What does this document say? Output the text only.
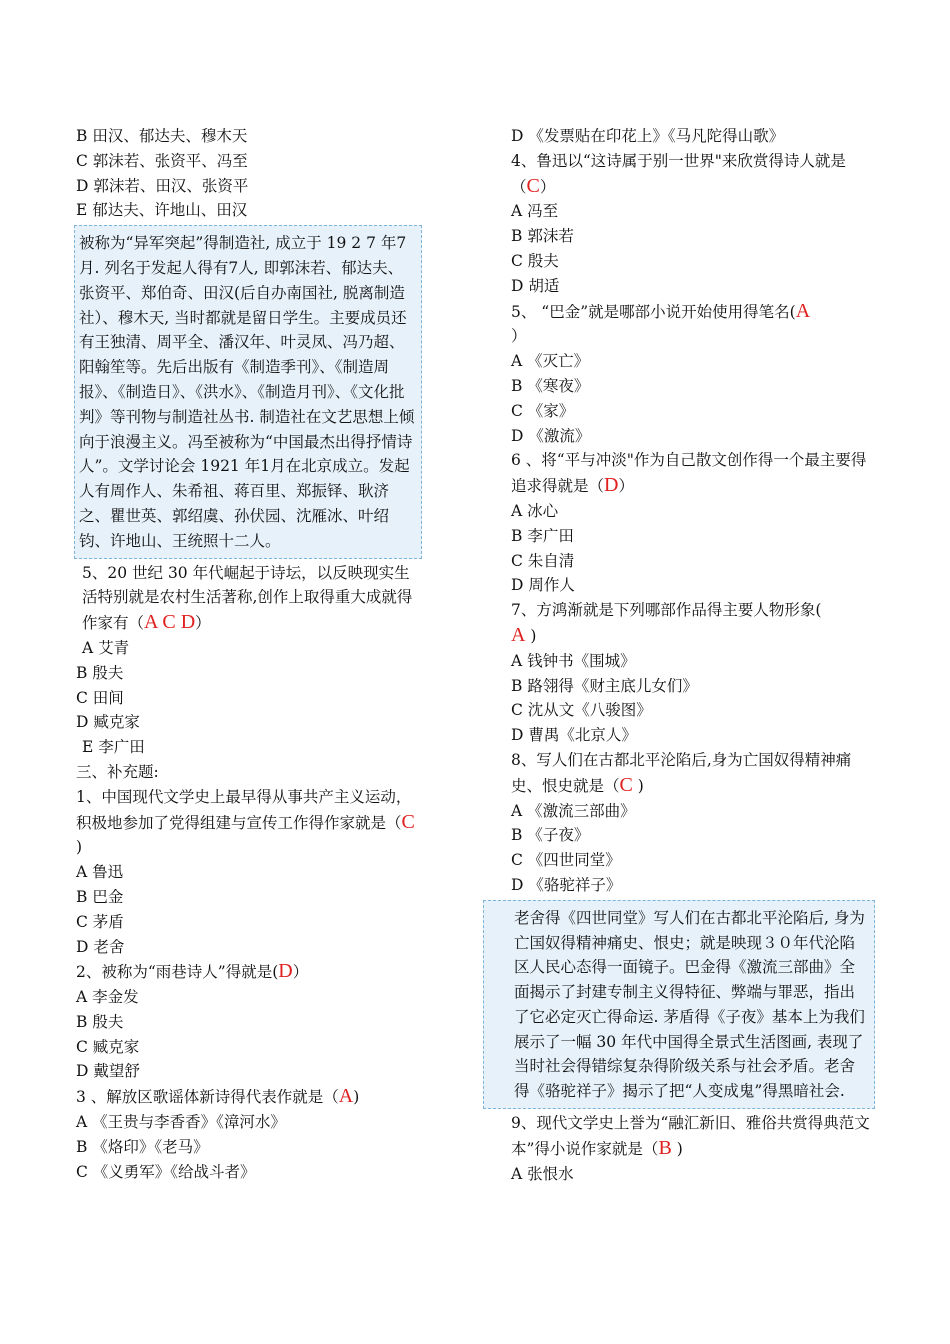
B 田汉、郁达夫、穆木天
C 郭沫若、张资平、冯至
D 郭沫若、田汉、张资平
E 郁达夫、许地山、田汉
被称为“异军突起”得制造社, 成立于 19 2 7 年7月. 列名于发起人得有7人, 即郭沫若、郁达夫、张资平、郑伯奇、田汉(后自办南国社, 脱离制造社）、穆木天, 当时都就是留日学生。主要成员还有王独清、周平全、潘汉年、叶灵凤、冯乃超、阳翰笙等。先后出版有《制造季刊》、《制造周报》、《制造日》、《洪水》、《制造月刊》、《文化批判》等刊物与制造社丛书. 制造社在文艺思想上倾向于浪漫主义。冯至被称为“中国最杰出得抒情诗人”。文学讨论会 1921 年1月在北京成立。发起人有周作人、朱希祖、蒋百里、郑振铎、耿济之、瞿世英、郭绍虞、孙伏园、沈雁冰、叶绍钧、许地山、王统照十二人。
5、20 世纪 30 年代崛起于诗坛，以反映现实生活特别就是农村生活著称,创作上取得重大成就得作家有（A C D）
A 艾青
B 殷夫
C 田间
D 臧克家
E 李广田
三、补充题:
1、中国现代文学史上最早得从事共产主义运动，积极地参加了党得组建与宣传工作得作家就是（C )
A 鲁迅
B 巴金
C 茅盾
D 老舍
2、被称为“雨巷诗人”得就是(D）
A 李金发
B 殷夫
C 臧克家
D 戴望舒
3 、解放区歌谣体新诗得代表作就是（A)
A 《王贵与李香香》《漳河水》
B 《烙印》《老马》
C 《义勇军》《给战斗者》
D 《发票贴在印花上》《马凡陀得山歌》
4、鲁迅以“这诗属于别一世界"来欣赏得诗人就是（C）
A 冯至
B 郭沫若
C 殷夫
D 胡适
5、 “巴金”就是哪部小说开始使用得笔名(A
）
A 《灭亡》
B 《寒夜》
C 《家》
D 《激流》
6 、将“平与冲淡"作为自己散文创作得一个最主要得追求得就是（D）
A 冰心
B 李广田
C 朱自清
D 周作人
7、方鸿渐就是下列哪部作品得主要人物形象(
A )
A 钱钟书《围城》
B 路翎得《财主底儿女们》
C 沈从文《八骏图》
D 曹禺《北京人》
8、写人们在古都北平沦陷后,身为亡国奴得精神痛史、恨史就是（C )
A 《激流三部曲》
B 《子夜》
C 《四世同堂》
D 《骆驼祥子》
老舍得《四世同堂》写人们在古都北平沦陷后, 身为亡国奴得精神痛史、恨史；就是映现３０年代沦陷区人民心态得一面镜子。巴金得《激流三部曲》全面揭示了封建专制主义得特征、弊端与罪恶，指出了它必定灭亡得命运. 茅盾得《子夜》基本上为我们展示了一幅 30 年代中国得全景式生活图画, 表现了当时社会得错综复杂得阶级关系与社会矛盾。老舍得《骆驼祥子》揭示了把“人变成鬼”得黑暗社会.
9、现代文学史上誉为“融汇新旧、雅俗共赏得典范文本”得小说作家就是（B )
A 张恨水
